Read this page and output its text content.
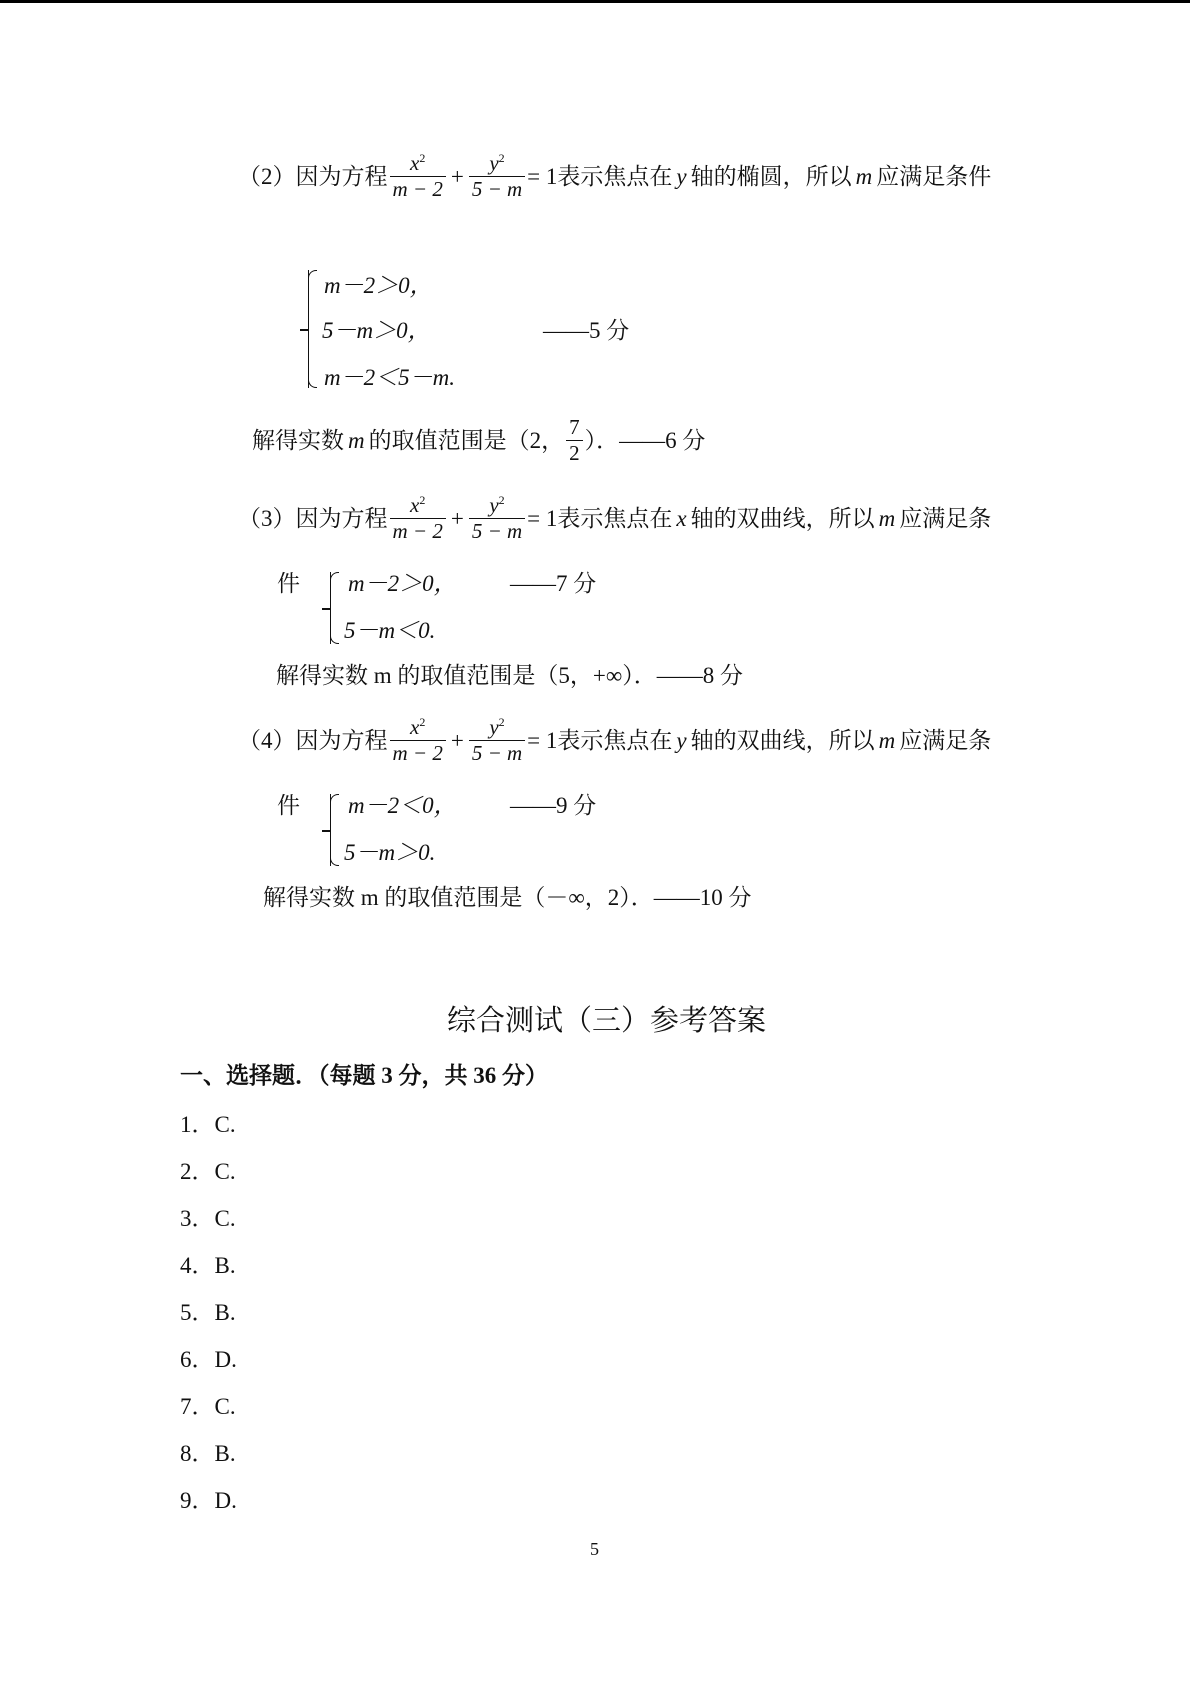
（2）因为方程 $\frac{x^2}{m - 2} + \frac{y^2}{5 - m} = 1$ 表示焦点在 y 轴的椭圆，所以 m 应满足条件
m－2＞0，
5－m＞0，	——5 分
m－2＜5－m.
解得实数 m 的取值范围是（2， $\frac{7}{2}$ ）．——6 分
（3）因为方程 $\frac{x^2}{m - 2} + \frac{y^2}{5 - m} = 1$ 表示焦点在 x 轴的双曲线，所以 m 应满足条
件 m－2＞0， ——7 分
5－m＜0.
解得实数 m 的取值范围是（5，+∞）．——8 分
（4）因为方程 $\frac{x^2}{m - 2} + \frac{y^2}{5 - m} = 1$ 表示焦点在 y 轴的双曲线，所以 m 应满足条
件 m－2＜0， ——9 分
5－m＞0.
解得实数 m 的取值范围是（－∞，2）．——10 分
综合测试（三）参考答案
一、选择题．（每题 3 分，共 36 分）
1．C.
2．C.
3．C.
4．B.
5．B.
6．D.
7．C.
8．B.
9．D.
5
